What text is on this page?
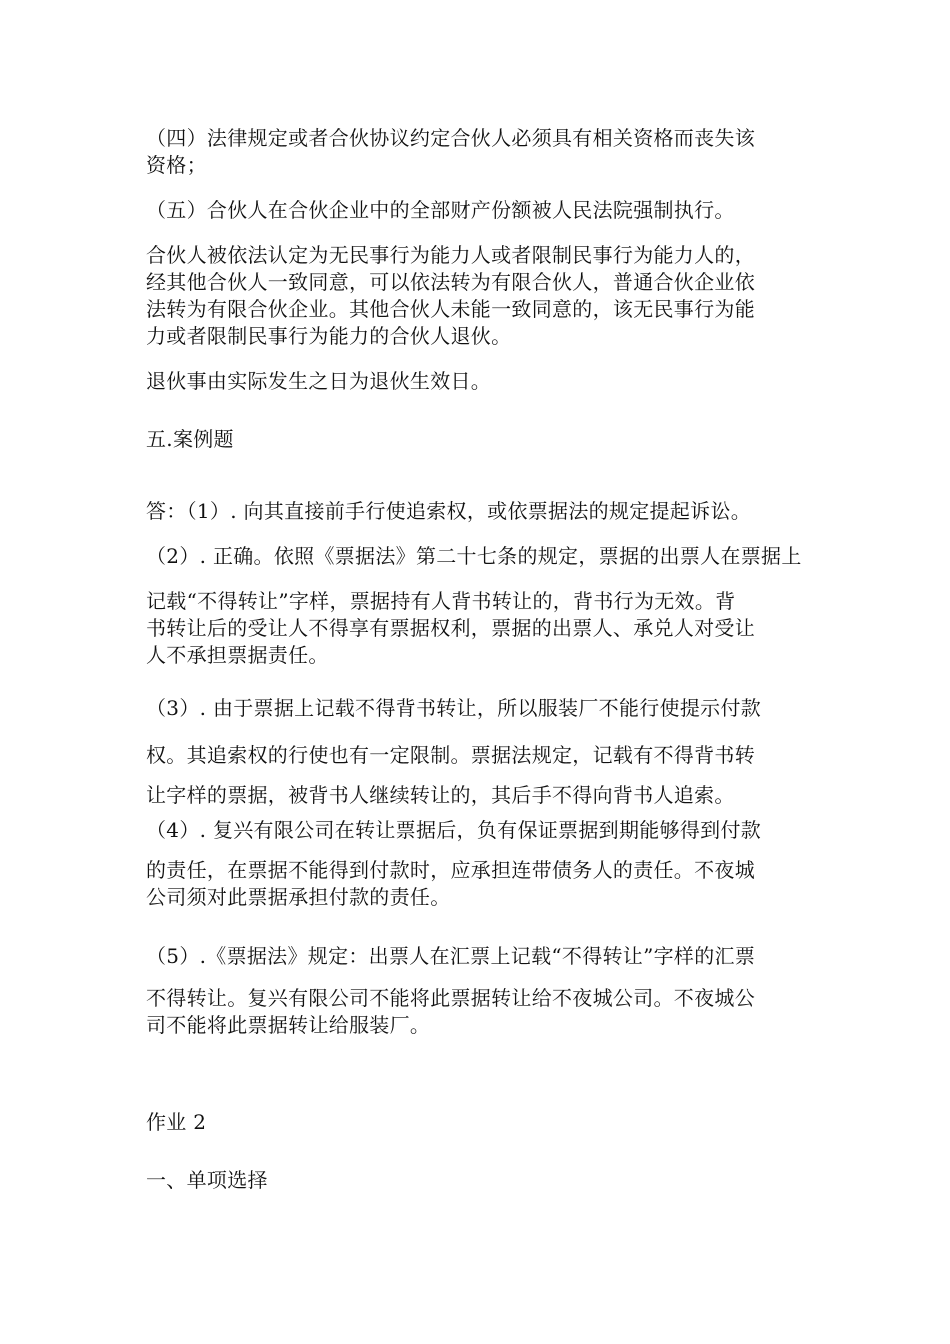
（四）法律规定或者合伙协议约定合伙人必须具有相关资格而丧失该

资格；

（五）合伙人在合伙企业中的全部财产份额被人民法院强制执行。

合伙人被依法认定为无民事行为能力人或者限制民事行为能力人的，

经其他合伙人一致同意，可以依法转为有限合伙人，普通合伙企业依

法转为有限合伙企业。其他合伙人未能一致同意的，该无民事行为能

力或者限制民事行为能力的合伙人退伙。

退伙事由实际发生之日为退伙生效日。

五.案例题

答：（1）. 向其直接前手行使追索权，或依票据法的规定提起诉讼。

（2）. 正确。依照《票据法》第二十七条的规定，票据的出票人在票据上

记载“不得转让”字样，票据持有人背书转让的，背书行为无效。背

书转让后的受让人不得享有票据权利，票据的出票人、承兑人对受让

人不承担票据责任。

（3）. 由于票据上记载不得背书转让，所以服装厂不能行使提示付款

权。其追索权的行使也有一定限制。票据法规定，记载有不得背书转

让字样的票据，被背书人继续转让的，其后手不得向背书人追索。

（4）. 复兴有限公司在转让票据后，负有保证票据到期能够得到付款

的责任，在票据不能得到付款时，应承担连带债务人的责任。不夜城

公司须对此票据承担付款的责任。

（5）.《票据法》规定：出票人在汇票上记载“不得转让”字样的汇票

不得转让。复兴有限公司不能将此票据转让给不夜城公司。不夜城公

司不能将此票据转让给服装厂。

作业 2

一、单项选择
